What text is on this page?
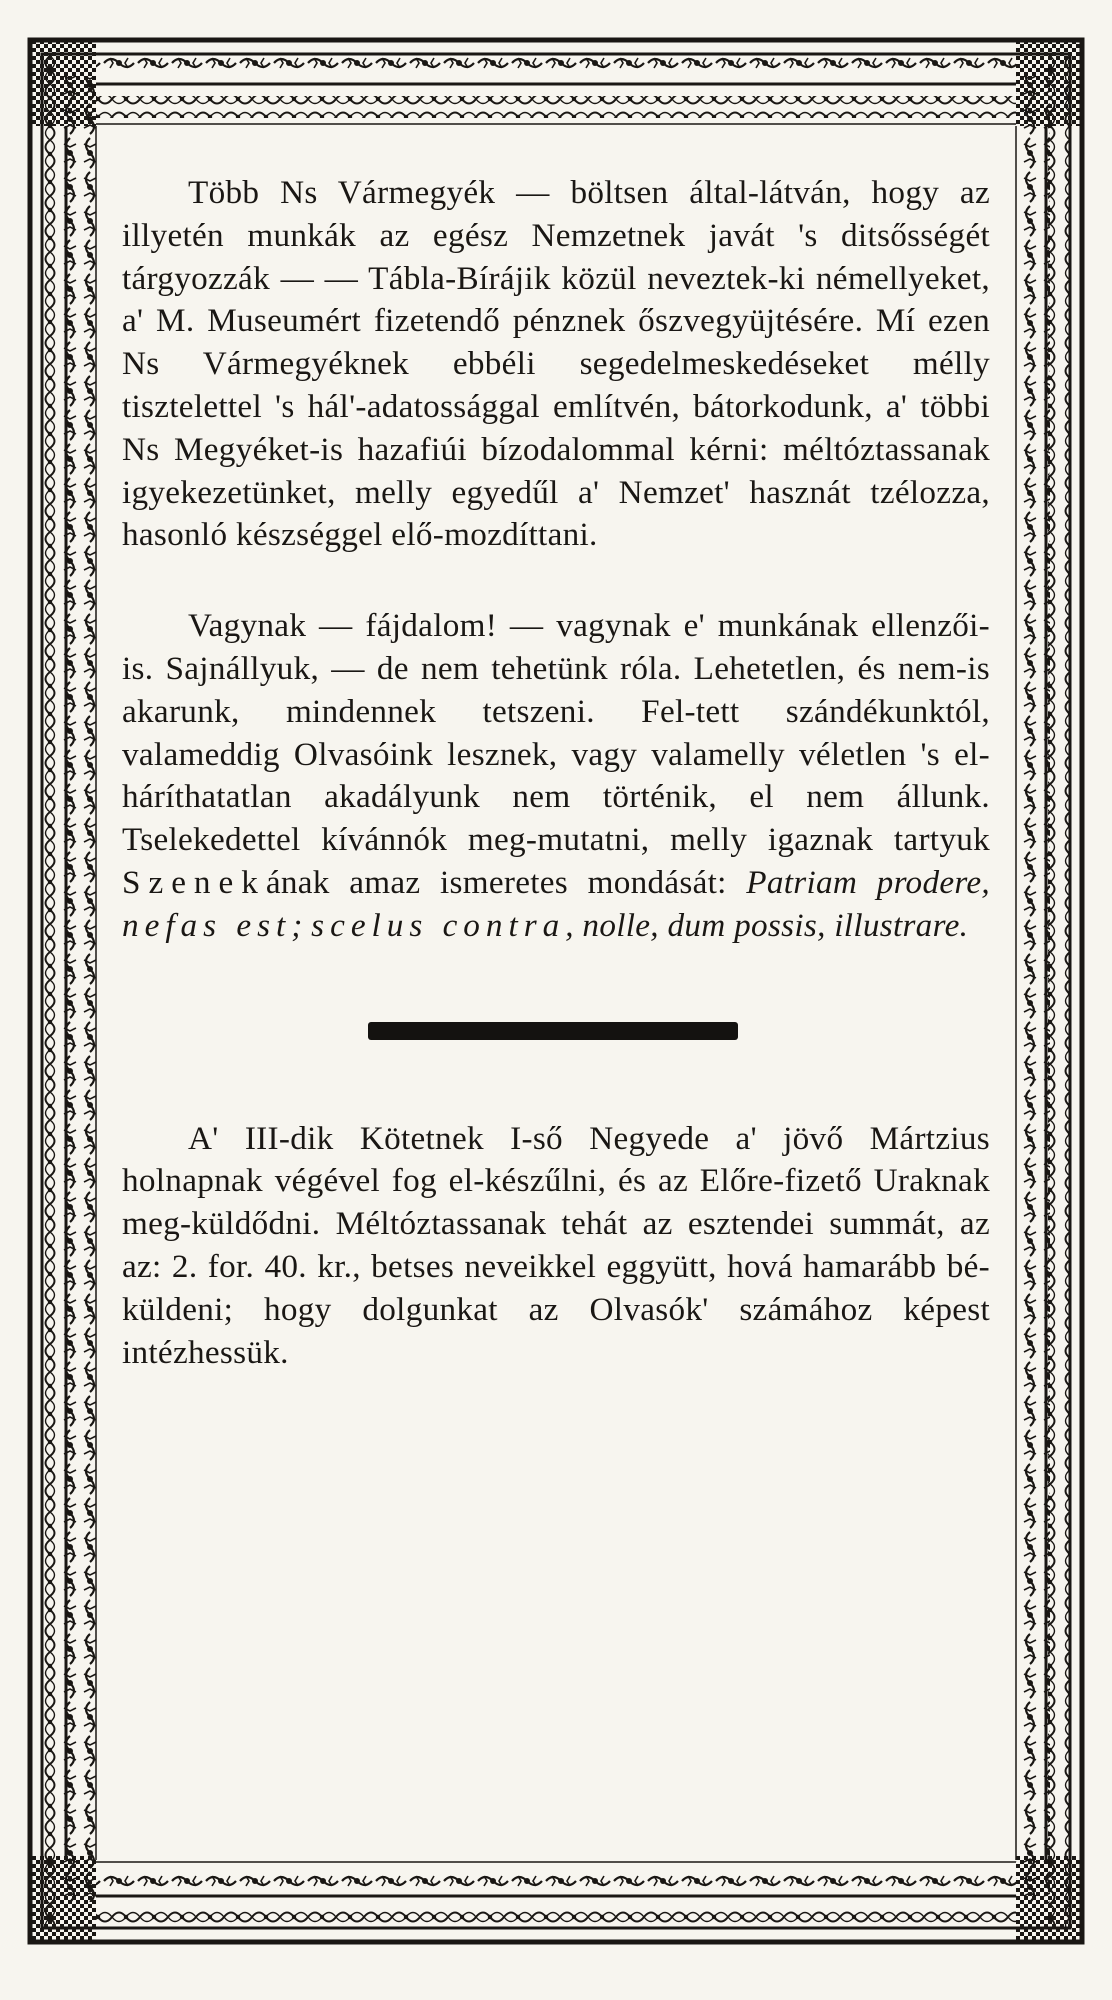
Több Ns Vármegyék — böltsen által-látván, hogy az illyetén munkák az egész Nemzetnek javát 's ditsősségét tárgyozzák — — Tábla-Bírájik közül neveztek-ki némellyeket, a' M. Museumért fizetendő pénznek őszvegyüjtésére. Mí ezen Ns Vármegyéknek ebbéli segedelmeskedéseket mélly tisztelettel 's hál'-adatossággal említvén, bátorkodunk, a' többi Ns Megyéket-is hazafiúi bízodalommal kérni: méltóztassanak igyekezetünket, melly egyedűl a' Nemzet' hasznát tzélozza, hasonló készséggel elő-mozdíttani.

Vagynak — fájdalom! — vagynak e' munkának ellenzői-is. Sajnállyuk, — de nem tehetünk róla. Lehetetlen, és nem-is akarunk, mindennek tetszeni. Fel-tett szándékunktól, valameddig Olvasóink lesznek, vagy valamelly véletlen 's el-háríthatatlan akadályunk nem történik, el nem állunk. Tselekedettel kívánnók meg-mutatni, melly igaznak tartyuk Szenekának amaz ismeretes mondását: Patriam prodere, nefas est; scelus contra, nolle, dum possis, illustrare.

A' III-dik Kötetnek I-ső Negyede a' jövő Mártzius holnapnak végével fog el-készűlni, és az Előre-fizető Uraknak meg-küldődni. Méltóztassanak tehát az esztendei summát, az az: 2. for. 40. kr., betses neveikkel eggyütt, hová hamarább bé-küldeni; hogy dolgunkat az Olvasók' számához képest intézhessük.
